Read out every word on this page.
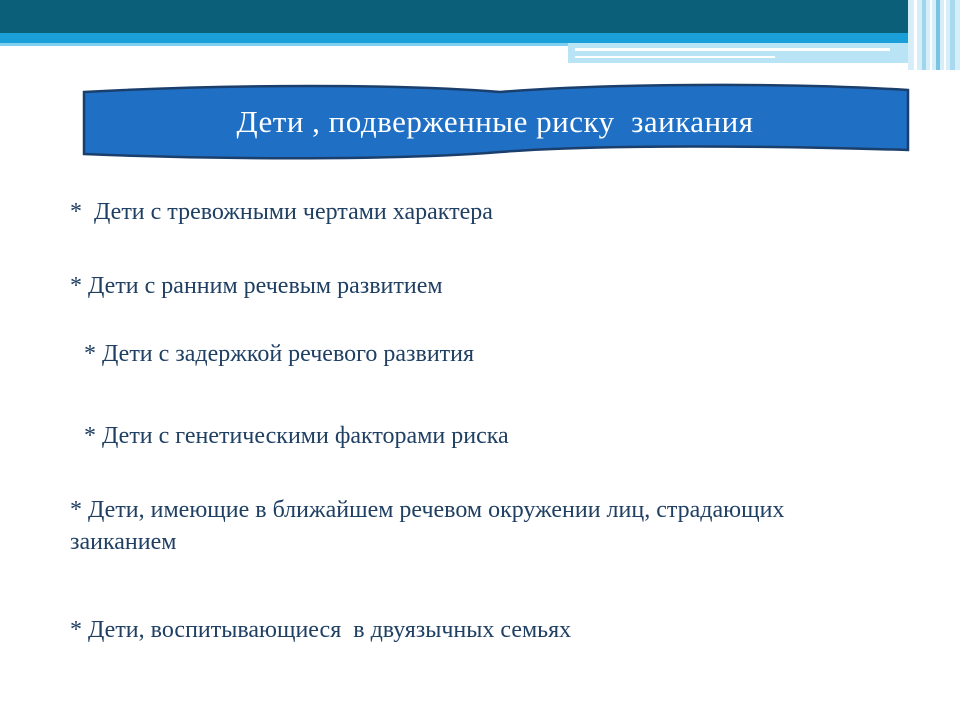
Дети , подверженные риску  заикания
*  Дети с тревожными чертами характера
* Дети с ранним речевым развитием
* Дети с задержкой речевого развития
* Дети с генетическими факторами риска
* Дети, имеющие в ближайшем речевом окружении лиц, страдающих заиканием
* Дети, воспитывающиеся  в двуязычных семьях
